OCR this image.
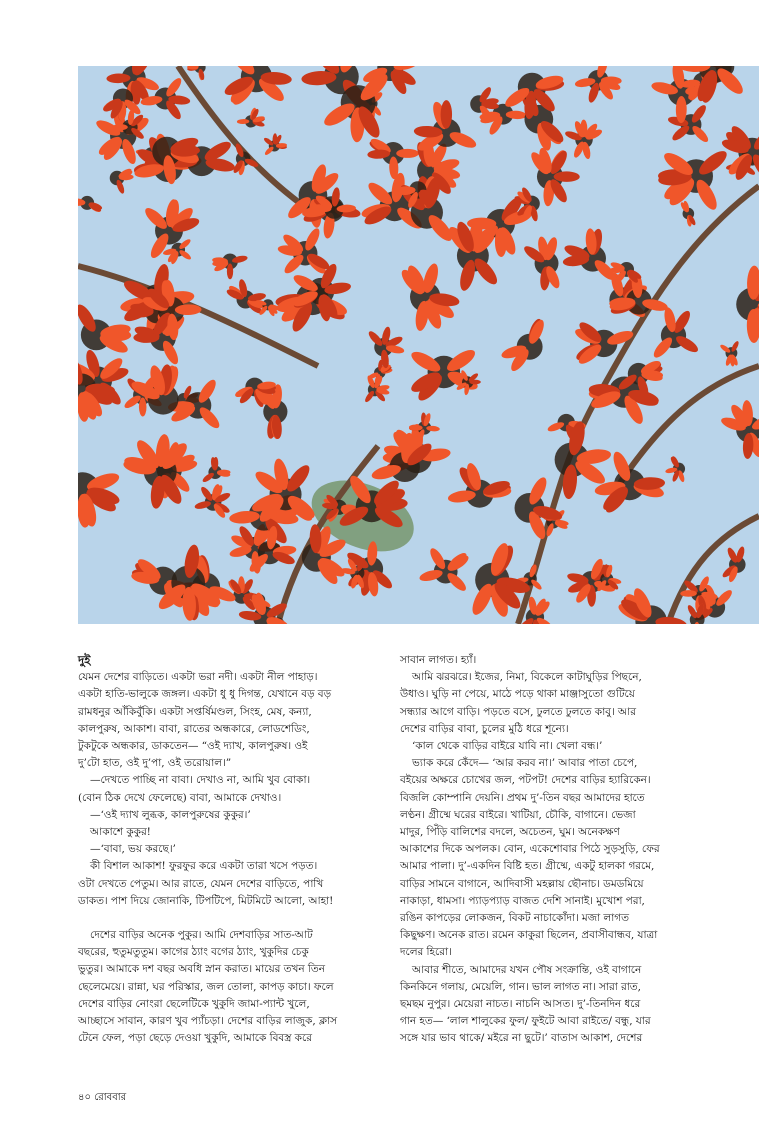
দুই
যেমন দেশের বাড়িতে। একটা ভরা নদী। একটা নীল পাহাড়।
একটা হাতি-ভালুকে জঙ্গল। একটা ধু ধু দিগন্ত, যেখানে বড় বড়
রামধনুর আঁকিবুঁকি। একটা সপ্তর্ষিমণ্ডল, সিংহ, মেষ, কন্যা,
কালপুরুষ, আকাশ। বাবা, রাতের অন্ধকারে, লোডশেডিং,
টুকটুকে অন্ধকার, ডাকতেন— “ওই দ্যাখ, কালপুরুষ। ওই
দু’টো হাত, ওই দু’পা, ওই তরোয়াল।”
—দেখতে পাচ্ছি না বাবা। দেখাও না, আমি খুব বোকা।
(বোন ঠিক দেখে ফেলেছে) বাবা, আমাকে দেখাও।
—‘ওই দ্যাখ লুব্ধক, কালপুরুষের কুকুর।’
আকাশে কুকুর!
—‘বাবা, ভয় করছে।’
কী বিশাল আকাশ! ফুরফুর করে একটা তারা খসে পড়ত।
ওটা দেখতে পেতুম। আর রাতে, যেমন দেশের বাড়িতে, পাখি
ডাকত। পাশ দিয়ে জোনাকি, টিপটিপে, মিটমিটে আলো, আহা!
দেশের বাড়ির অনেক পুকুর। আমি দেশবাড়ির সাত-আট
বছরের, হুতুমতুতুম। কাগের ঠ্যাং বগের ঠ্যাং, খুকুদির চেকু
ভুতুর। আমাকে দশ বছর অবধি স্নান করাত। মায়ের তখন তিন
ছেলেমেয়ে। রান্না, ঘর পরিস্কার, জল তোলা, কাপড় কাচা। ফলে
দেশের বাড়ির নোংরা ছেলেটিকে খুকুদি জামা-প্যান্ট খুলে,
আচ্ছাসে সাবান, কারণ খুব প্যাঁচড়া। দেশের বাড়ির লাজুক, ক্লাস
টেনে ফেল, পড়া ছেড়ে দেওয়া খুকুদি, আমাকে বিবস্ত্র করে
সাবান লাগত। হ্যাঁ।
আমি ঝরঝরে। ইজের, নিমা, বিকেলে কাটাঘুড়ির পিছনে,
উধাও। ঘুড়ি না পেয়ে, মাঠে পড়ে থাকা মাঞ্জাসুতো গুটিয়ে
সন্ধ্যার আগে বাড়ি। পড়তে বসে, ঢুলতে ঢুলতে কাবু। আর
দেশের বাড়ির বাবা, চুলের মুঠি ধরে শূন্যে।
‘কাল থেকে বাড়ির বাইরে যাবি না। খেলা বন্ধ।’
ভ্যাক করে কেঁদে— ‘আর করব না।’ আবার পাতা চেপে,
বইয়ের অক্ষরে চোখের জল, পটপট! দেশের বাড়ির হ্যারিকেন।
বিজলি কোম্পানি দেয়নি। প্রথম দু’-তিন বছর আমাদের হাতে
লণ্ঠন। গ্রীষ্মে ঘরের বাইরে। খাটিয়া, চৌকি, বাগানে। ভেজা
মাদুর, পিঁড়ি বালিশের বদলে, অচেতন, ঘুম। অনেকক্ষণ
আকাশের দিকে অপলক। বোন, একেশোবার পিঠে সুড়সুড়ি, ফের
আমার পালা। দু’-একদিন বিষ্টি হত। গ্রীষ্মে, একটু হালকা গরমে,
বাড়ির সামনে বাগানে, আদিবাসী মহল্লায় ছৌনাচ। ডমডমিয়ে
নাকাড়া, ধামসা। প্যাড়প্যাড় বাজত দেশি সানাই। মুখোশ পরা,
রঙিন কাপড়ের লোকজন, বিকট নাচাকোঁদা। মজা লাগত
কিছুক্ষণ। অনেক রাত। রমেন কাকুরা ছিলেন, প্রবাসীবান্ধব, যাত্রা
দলের হিরো।
আবার শীতে, আমাদের যখন পৌষ সংক্রান্তি, ওই বাগানে
কিনকিনে গলায়, মেয়েলি, গান। ভাল লাগত না। সারা রাত,
ছমছম নুপুর। মেয়েরা নাচত। নাচনি আসত। দু’-তিনদিন ধরে
গান হত— ‘লাল শালুকের ফুল/ ফুইটে আবা রাইতে/ বন্ধু, যার
সঙ্গে যার ভাব থাকে/ মইরে না ছুটে।’ বাতাস আকাশ, দেশের
৪০ রোববার
